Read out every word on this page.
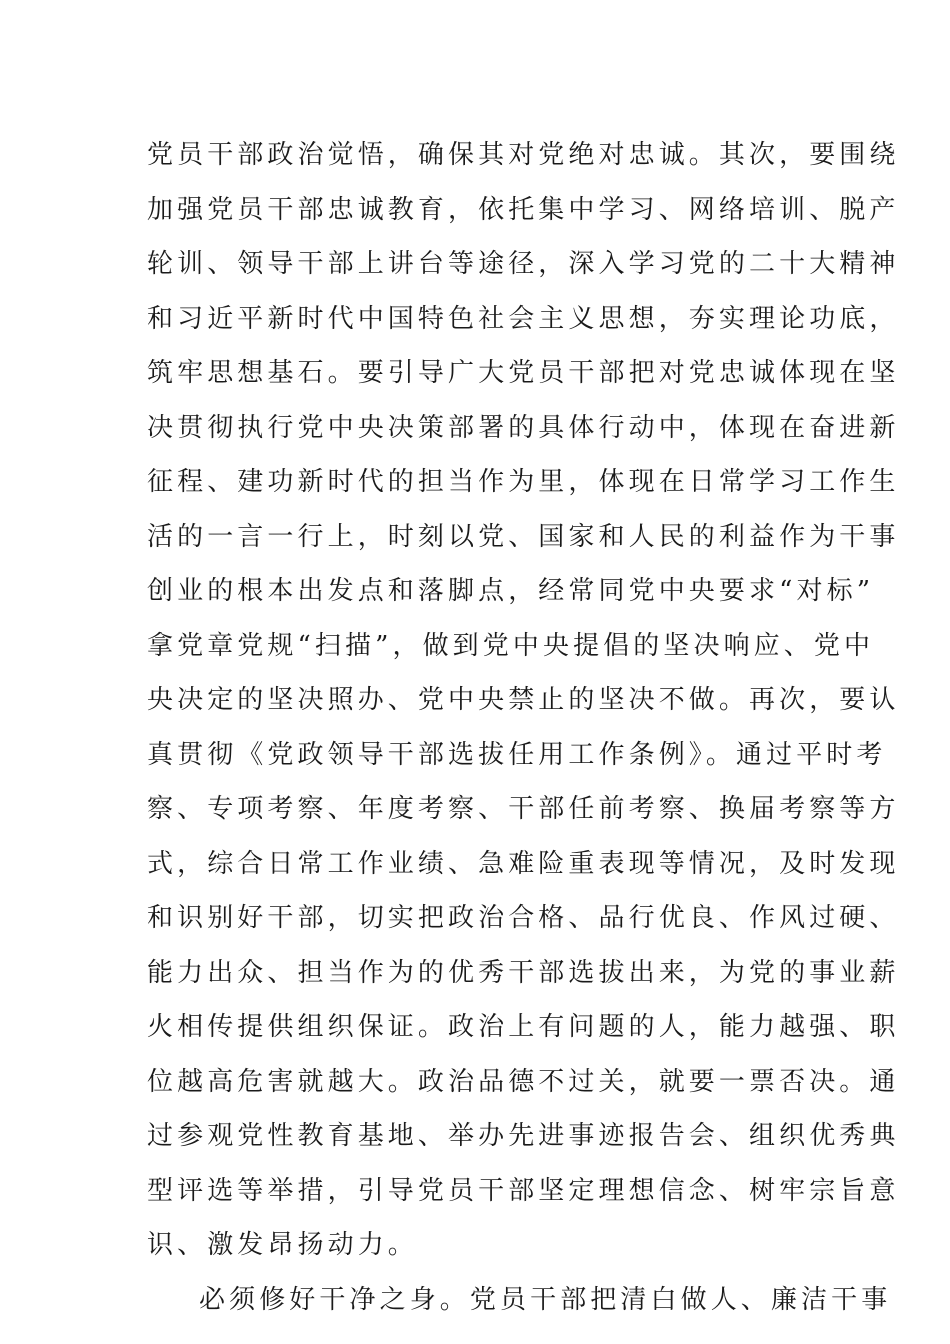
党员干部政治觉悟，确保其对党绝对忠诚。其次，要围绕
加强党员干部忠诚教育，依托集中学习、网络培训、脱产
轮训、领导干部上讲台等途径，深入学习党的二十大精神
和习近平新时代中国特色社会主义思想，夯实理论功底，
筑牢思想基石。要引导广大党员干部把对党忠诚体现在坚
决贯彻执行党中央决策部署的具体行动中，体现在奋进新
征程、建功新时代的担当作为里，体现在日常学习工作生
活的一言一行上，时刻以党、国家和人民的利益作为干事
创业的根本出发点和落脚点，经常同党中央要求“对标”
拿党章党规“扫描”，做到党中央提倡的坚决响应、党中
央决定的坚决照办、党中央禁止的坚决不做。再次，要认
真贯彻《党政领导干部选拔任用工作条例》。通过平时考
察、专项考察、年度考察、干部任前考察、换届考察等方
式，综合日常工作业绩、急难险重表现等情况，及时发现
和识别好干部，切实把政治合格、品行优良、作风过硬、
能力出众、担当作为的优秀干部选拔出来，为党的事业薪
火相传提供组织保证。政治上有问题的人，能力越强、职
位越高危害就越大。政治品德不过关，就要一票否决。通
过参观党性教育基地、举办先进事迹报告会、组织优秀典
型评选等举措，引导党员干部坚定理想信念、树牢宗旨意
识、激发昂扬动力。
必须修好干净之身。党员干部把清白做人、廉洁干事
